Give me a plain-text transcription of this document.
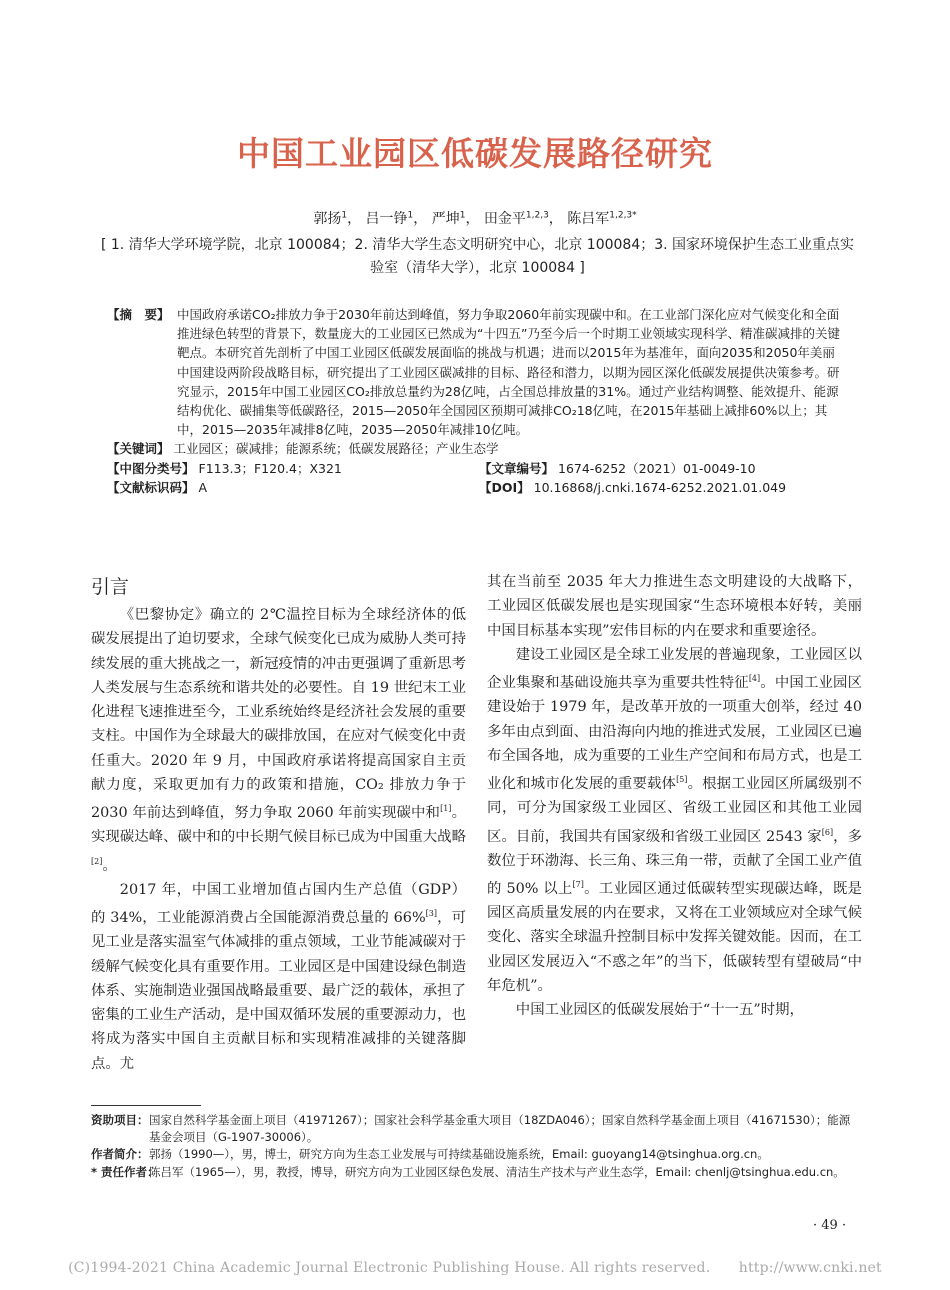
中国工业园区低碳发展路径研究
郭扬$^1$， 吕一铮$^1$， 严坤$^1$， 田金平$^{1,2,3}$， 陈吕军$^{1,2,3*}$
[ 1. 清华大学环境学院，北京 100084；2. 清华大学生态文明研究中心，北京 100084；3. 国家环境保护生态工业重点实验室（清华大学），北京 100084 ]
【摘　要】 中国政府承诺CO₂排放力争于2030年前达到峰值，努力争取2060年前实现碳中和。在工业部门深化应对气候变化和全面推进绿色转型的背景下，数量庞大的工业园区已然成为“十四五”乃至今后一个时期工业领域实现科学、精准碳减排的关键靶点。本研究首先剖析了中国工业园区低碳发展面临的挑战与机遇；进而以2015年为基准年，面向2035和2050年美丽中国建设两阶段战略目标，研究提出了工业园区碳减排的目标、路径和潜力，以期为园区深化低碳发展提供决策参考。研究显示，2015年中国工业园区CO₂排放总量约为28亿吨，占全国总排放量的31%。通过产业结构调整、能效提升、能源结构优化、碳捕集等低碳路径，2015—2050年全国园区预期可减排CO₂18亿吨，在2015年基础上减排60%以上；其中，2015—2035年减排8亿吨，2035—2050年减排10亿吨。
【关键词】 工业园区；碳减排；能源系统；低碳发展路径；产业生态学
【中图分类号】 F113.3；F120.4；X321	【文章编号】 1674-6252（2021）01-0049-10
【文献标识码】 A	【DOI】 10.16868/j.cnki.1674-6252.2021.01.049
引言

《巴黎协定》确立的 2℃温控目标为全球经济体的低碳发展提出了迫切要求，全球气候变化已成为威胁人类可持续发展的重大挑战之一，新冠疫情的冲击更强调了重新思考人类发展与生态系统和谐共处的必要性。自 19 世纪末工业化进程飞速推进至今，工业系统始终是经济社会发展的重要支柱。中国作为全球最大的碳排放国，在应对气候变化中责任重大。2020 年 9 月，中国政府承诺将提高国家自主贡献力度，采取更加有力的政策和措施，CO₂ 排放力争于 2030 年前达到峰值，努力争取 2060 年前实现碳中和[1]。实现碳达峰、碳中和的中长期气候目标已成为中国重大战略[2]。

2017 年，中国工业增加值占国内生产总值（GDP）的 34%，工业能源消费占全国能源消费总量的 66%[3]，可见工业是落实温室气体减排的重点领域，工业节能减碳对于缓解气候变化具有重要作用。工业园区是中国建设绿色制造体系、实施制造业强国战略最重要、最广泛的载体，承担了密集的工业生产活动，是中国双循环发展的重要源动力，也将成为落实中国自主贡献目标和实现精准减排的关键落脚点。尤

其在当前至 2035 年大力推进生态文明建设的大战略下，工业园区低碳发展也是实现国家“生态环境根本好转，美丽中国目标基本实现”宏伟目标的内在要求和重要途径。

建设工业园区是全球工业发展的普遍现象，工业园区以企业集聚和基础设施共享为重要共性特征[4]。中国工业园区建设始于 1979 年，是改革开放的一项重大创举，经过 40 多年由点到面、由沿海向内地的推进式发展，工业园区已遍布全国各地，成为重要的工业生产空间和布局方式，也是工业化和城市化发展的重要载体[5]。根据工业园区所属级别不同，可分为国家级工业园区、省级工业园区和其他工业园区。目前，我国共有国家级和省级工业园区 2543 家[6]，多数位于环渤海、长三角、珠三角一带，贡献了全国工业产值的 50% 以上[7]。工业园区通过低碳转型实现碳达峰，既是园区高质量发展的内在要求，又将在工业领域应对全球气候变化、落实全球温升控制目标中发挥关键效能。因而，在工业园区发展迈入“不惑之年”的当下，低碳转型有望破局“中年危机”。

中国工业园区的低碳发展始于“十一五”时期，

资助项目： 国家自然科学基金面上项目（41971267）；国家社会科学基金重大项目（18ZDA046）；国家自然科学基金面上项目（41671530）；能源基金会项目（G-1907-30006）。
作者简介： 郭扬（1990—），男，博士，研究方向为生态工业发展与可持续基础设施系统，Email: guoyang14@tsinghua.org.cn。
* 责任作者：
陈吕军（1965—），男，教授，博导，研究方向为工业园区绿色发展、清洁生产技术与产业生态学，Email: chenlj@tsinghua.edu.cn。
· 49 ·
(C)1994-2021 China Academic Journal Electronic Publishing House. All rights reserved.　　http://www.cnki.net
